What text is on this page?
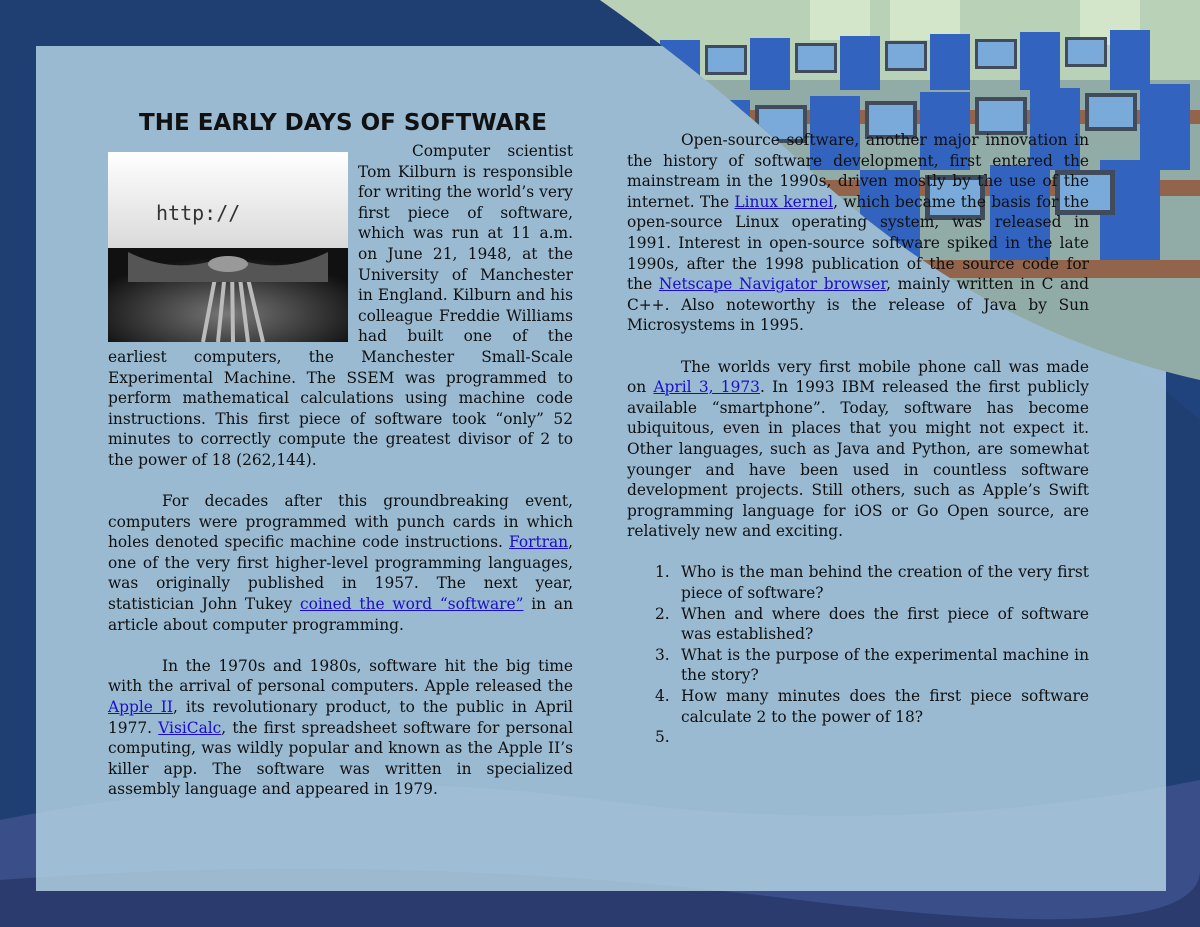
THE EARLY DAYS OF SOFTWARE
http://

Computer scientist Tom Kilburn is responsible for writing the world’s very first piece of software, which was run at 11 a.m. on June 21, 1948, at the University of Manchester in England. Kilburn and his colleague Freddie Williams had built one of the earliest computers, the Manchester Small-Scale Experimental Machine. The SSEM was programmed to perform mathematical calculations using machine code instructions. This first piece of software took “only” 52 minutes to correctly compute the greatest divisor of 2 to the power of 18 (262,144).

For decades after this groundbreaking event, computers were programmed with punch cards in which holes denoted specific machine code instructions. Fortran, one of the very first higher-level programming languages, was originally published in 1957. The next year, statistician John Tukey coined the word “software” in an article about computer programming.

In the 1970s and 1980s, software hit the big time with the arrival of personal computers. Apple released the Apple II, its revolutionary product, to the public in April 1977. VisiCalc, the first spreadsheet software for personal computing, was wildly popular and known as the Apple II’s killer app. The software was written in specialized assembly language and appeared in 1979.

Open-source software, another major innovation in the history of software development, first entered the mainstream in the 1990s, driven mostly by the use of the internet. The Linux kernel, which became the basis for the open-source Linux operating system, was released in 1991. Interest in open-source software spiked in the late 1990s, after the 1998 publication of the source code for the Netscape Navigator browser, mainly written in C and C++. Also noteworthy is the release of Java by Sun Microsystems in 1995.

The worlds very first mobile phone call was made on April 3, 1973. In 1993 IBM released the first publicly available “smartphone”. Today, software has become ubiquitous, even in places that you might not expect it. Other languages, such as Java and Python, are somewhat younger and have been used in countless software development projects. Still others, such as Apple’s Swift programming language for iOS or Go Open source, are relatively new and exciting.

1. Who is the man behind the creation of the very first piece of software?
2. When and where does the first piece of software was established?
3. What is the purpose of the experimental machine in the story?
4. How many minutes does the first piece software calculate 2 to the power of 18?
5.
